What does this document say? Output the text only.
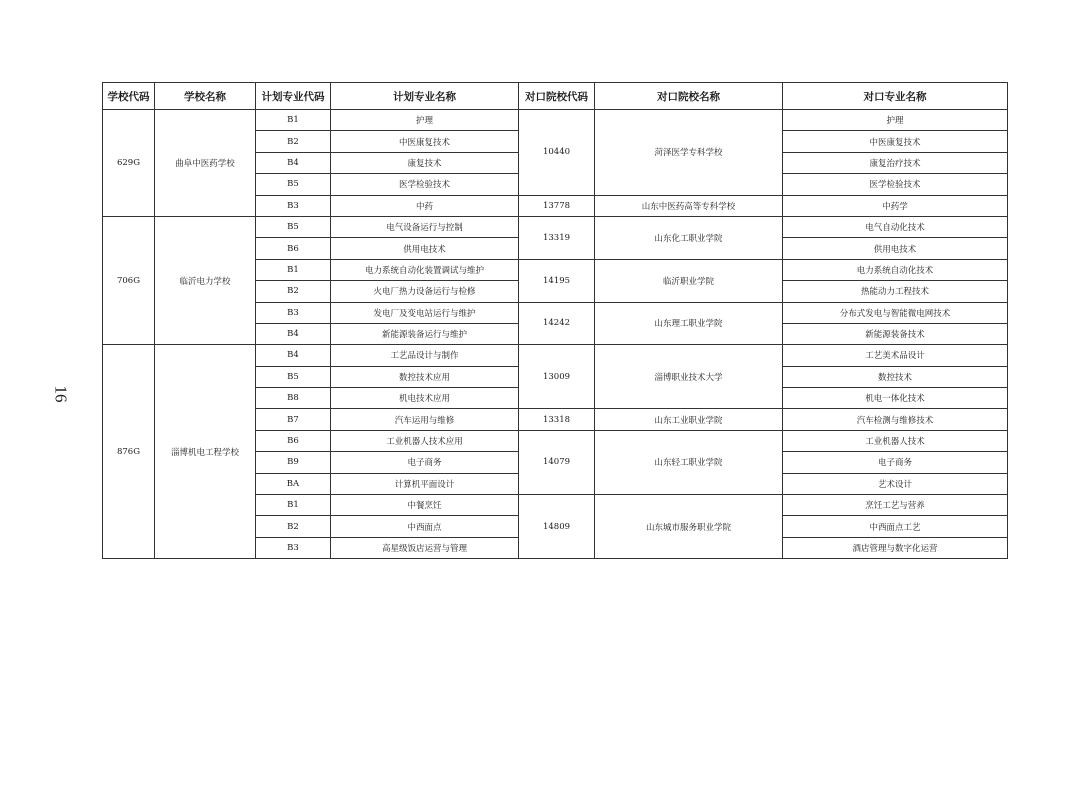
16
学校代码	学校名称	计划专业代码	计划专业名称	对口院校代码	对口院校名称	对口专业名称
629G	曲阜中医药学校	B1	护理	10440	菏泽医学专科学校	护理
		B2	中医康复技术			中医康复技术
		B4	康复技术			康复治疗技术
		B5	医学检验技术			医学检验技术
		B3	中药	13778	山东中医药高等专科学校	中药学
706G	临沂电力学校	B5	电气设备运行与控制	13319	山东化工职业学院	电气自动化技术
		B6	供用电技术			供用电技术
		B1	电力系统自动化装置调试与维护	14195	临沂职业学院	电力系统自动化技术
		B2	火电厂热力设备运行与检修			热能动力工程技术
		B3	发电厂及变电站运行与维护	14242	山东理工职业学院	分布式发电与智能微电网技术
		B4	新能源装备运行与维护			新能源装备技术
876G	淄博机电工程学校	B4	工艺品设计与制作	13009	淄博职业技术大学	工艺美术品设计
		B5	数控技术应用			数控技术
		B8	机电技术应用			机电一体化技术
		B7	汽车运用与维修	13318	山东工业职业学院	汽车检测与维修技术
		B6	工业机器人技术应用	14079	山东轻工职业学院	工业机器人技术
		B9	电子商务			电子商务
		BA	计算机平面设计			艺术设计
		B1	中餐烹饪	14809	山东城市服务职业学院	烹饪工艺与营养
		B2	中西面点			中西面点工艺
		B3	高星级饭店运营与管理			酒店管理与数字化运营
